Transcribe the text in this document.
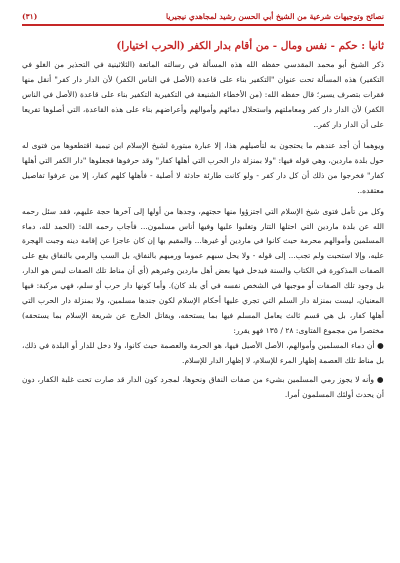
نصائح وتوجيهات شرعية من الشيخ أبي الحسن رشيد لمجاهدي نيجيريا
(٣١)
ثانيا : حكم - نفس ومال - من أقام بدار الكفر (الحرب اختيارا)

ذكر الشيخ أبو محمد المقدسي حفظه الله هذه المسألة في رسالته الماتعة (الثلاثينية في التحذير من الغلو في التكفير) هذه المسألة تحت عنوان "التكفير بناء على قاعدة (الأصل في الناس الكفر) لأن الدار دار كفر" أنقل منها فقرات بتصرف يسير؛ قال حفظه الله: (من الأخطاء الشنيعة في التكفيرية التكفير بناء على قاعدة (الأصل في الناس الكفر) لأن الدار دار كفر ومعاملتهم واستحلال دمائهم وأموالهم وأعراضهم بناء على هذه القاعدة، التي أصلوها تفريعا على أن الدار دار كفر..

ويوهما أن أجد عندهم ما يحتجون به لتأصيلهم هذا، إلا عبارة مبتورة لشيخ الإسلام ابن تيمية اقتطعوها من فتوى له حول بلدة ماردين، وهي قوله فيها: "ولا بمنزلة دار الحرب التي أهلها كفار" وقد حرفوها فجعلوها "دار الكفر التي أهلها كفار" فخرجوا من ذلك أن كل دار كفر - ولو كانت طارئة حادثة لا أصلية - فأهلها كلهم كفار، إلا من عرفوا تفاصيل معتقده..

وكل من تأمل فتوى شيخ الإسلام التي اجتزؤوا منها حجتهم، وجدها من أولها إلى آخرها حجة عليهم، فقد سئل رحمه الله عن بلدة ماردين التي احتلها التتار وتغلبوا عليها وفيها أناس مسلمون... فأجاب رحمه الله: (الحمد لله، دماء المسلمين وأموالهم محرمة حيث كانوا في ماردين أو غيرها... والمقيم بها إن كان عاجزا عن إقامة دينه وجبت الهجرة عليه، وإلا استحبت ولم تجب... إلى قوله - ولا يحل سبهم عموما ورميهم بالنفاق، بل السب والرمي بالنفاق يقع على الصفات المذكورة في الكتاب والسنة فيدخل فيها بعض أهل ماردين وغيرهم (أي أن مناط تلك الصفات ليس هو الدار، بل وجود تلك الصفات أو موجبها في الشخص نفسه في أي بلد كان). وأما كونها دار حرب أو سلم، فهي مركبة: فيها المعنيان، ليست بمنزلة دار السلم التي تجري عليها أحكام الإسلام لكون جندها مسلمين، ولا بمنزلة دار الحرب التي أهلها كفار، بل هي قسم ثالث يعامل المسلم فيها بما يستحقه، ويقاتل الخارج عن شريعة الإسلام بما يستحقه) مختصرا من مجموع الفتاوى: ٢٨ / ١٣٥ فهو يقرر:

● أن دماء المسلمين وأموالهم، الأصل الأصيل فيها، هو الحرمة والعصمة حيث كانوا، ولا دخل للدار أو البلدة في ذلك، بل مناط تلك العصمة إظهار المرء للإسلام، لا إظهار الدار للإسلام.

● وأنه لا يجوز رمي المسلمين بشيء من صفات النفاق ونحوها، لمجرد كون الدار قد صارت تحت غلبة الكفار، دون أن يحدث أولئك المسلمون أمرا.
